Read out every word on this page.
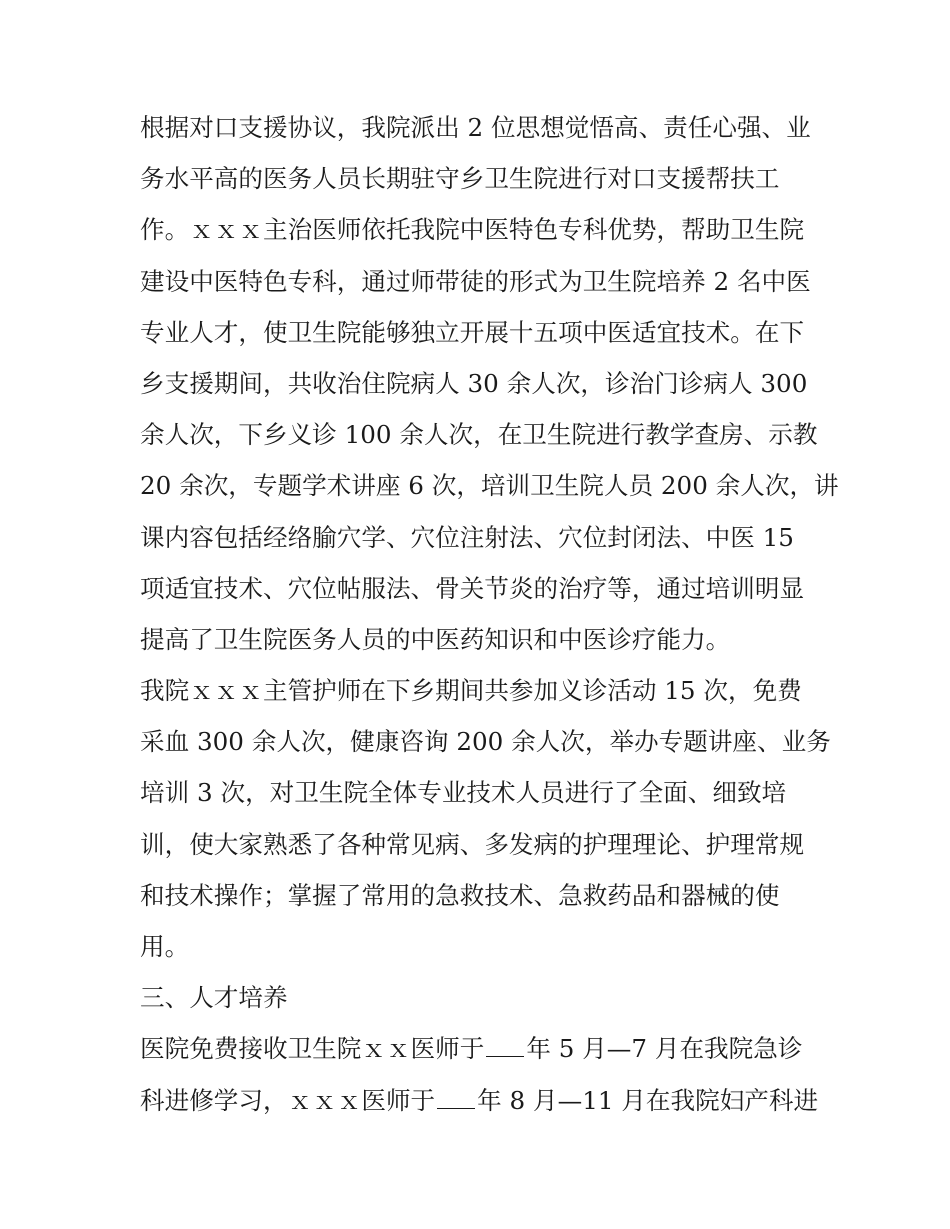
根据对口支援协议，我院派出 2 位思想觉悟高、责任心强、业
务水平高的医务人员长期驻守乡卫生院进行对口支援帮扶工
作。ｘｘｘ主治医师依托我院中医特色专科优势，帮助卫生院
建设中医特色专科，通过师带徒的形式为卫生院培养 2 名中医
专业人才，使卫生院能够独立开展十五项中医适宜技术。在下
乡支援期间，共收治住院病人 30 余人次，诊治门诊病人 300
余人次，下乡义诊 100 余人次，在卫生院进行教学查房、示教
20 余次，专题学术讲座 6 次，培训卫生院人员 200 余人次，讲
课内容包括经络腧穴学、穴位注射法、穴位封闭法、中医 15
项适宜技术、穴位帖服法、骨关节炎的治疗等，通过培训明显
提高了卫生院医务人员的中医药知识和中医诊疗能力。
我院ｘｘｘ主管护师在下乡期间共参加义诊活动 15 次，免费
采血 300 余人次，健康咨询 200 余人次，举办专题讲座、业务
培训 3 次，对卫生院全体专业技术人员进行了全面、细致培
训，使大家熟悉了各种常见病、多发病的护理理论、护理常规
和技术操作；掌握了常用的急救技术、急救药品和器械的使
用。
三、人才培养
医院免费接收卫生院ｘｘ医师于 年 5 月—7 月在我院急诊
科进修学习，ｘｘｘ医师于 年 8 月—11 月在我院妇产科进
